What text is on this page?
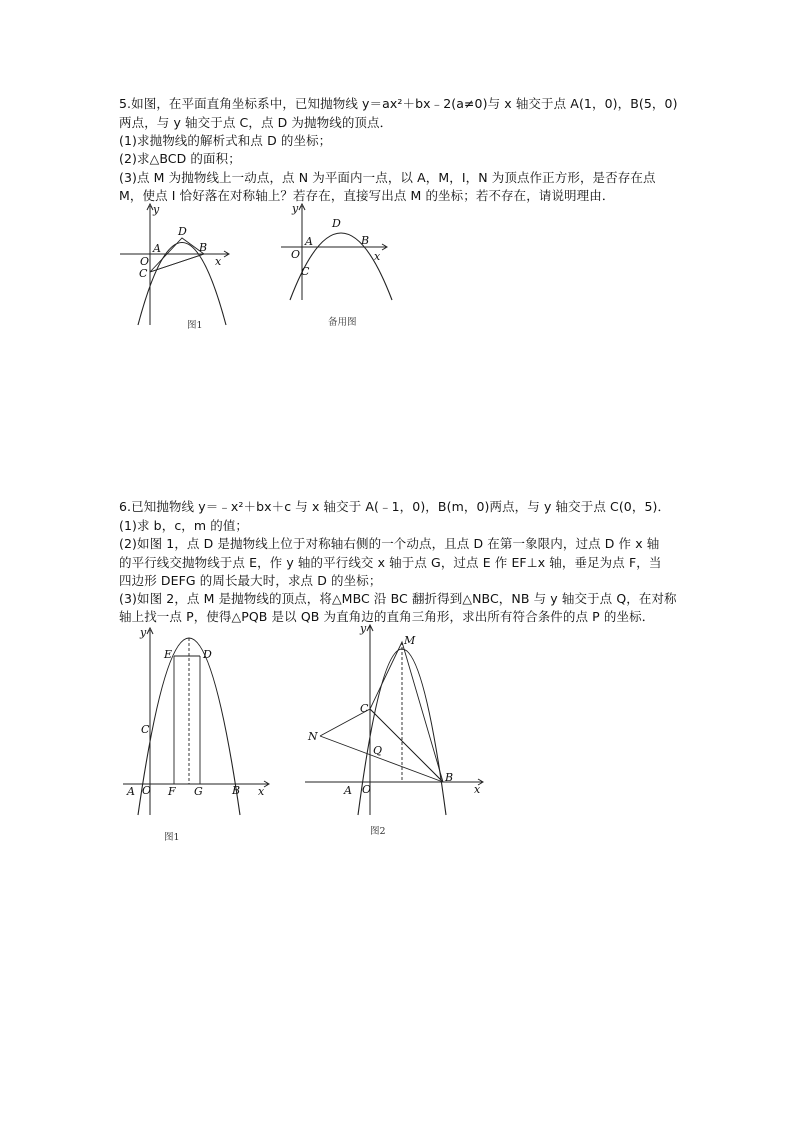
5.如图，在平面直角坐标系中，已知抛物线 y＝ax²＋bx﹣2(a≠0)与 x 轴交于点 A(1，0)，B(5，0)
两点，与 y 轴交于点 C，点 D 为抛物线的顶点．
(1)求抛物线的解析式和点 D 的坐标；
(2)求△BCD 的面积；
(3)点 M 为抛物线上一动点，点 N 为平面内一点，以 A，M，I，N 为顶点作正方形，是否存在点
M，使点 I 恰好落在对称轴上？若存在，直接写出点 M 的坐标；若不存在，请说明理由．
y
x
O
A	B
C
D
图1
y
x
O
A	B
C
D
备用图
6.已知抛物线 y＝﹣x²＋bx＋c 与 x 轴交于 A(﹣1，0)，B(m，0)两点，与 y 轴交于点 C(0，5)．
(1)求 b，c，m 的值；
(2)如图 1，点 D 是抛物线上位于对称轴右侧的一个动点，且点 D 在第一象限内，过点 D 作 x 轴
的平行线交抛物线于点 E，作 y 轴的平行线交 x 轴于点 G，过点 E 作 EF⊥x 轴，垂足为点 F，当
四边形 DEFG 的周长最大时，求点 D 的坐标；
(3)如图 2，点 M 是抛物线的顶点，将△MBC 沿 BC 翻折得到△NBC，NB 与 y 轴交于点 Q，在对称
轴上找一点 P，使得△PQB 是以 QB 为直角边的直角三角形，求出所有符合条件的点 P 的坐标．
y
x
O
A	B
C
D
E
F G
图1
y
x
O
A
B
C
M
N
Q
图2
